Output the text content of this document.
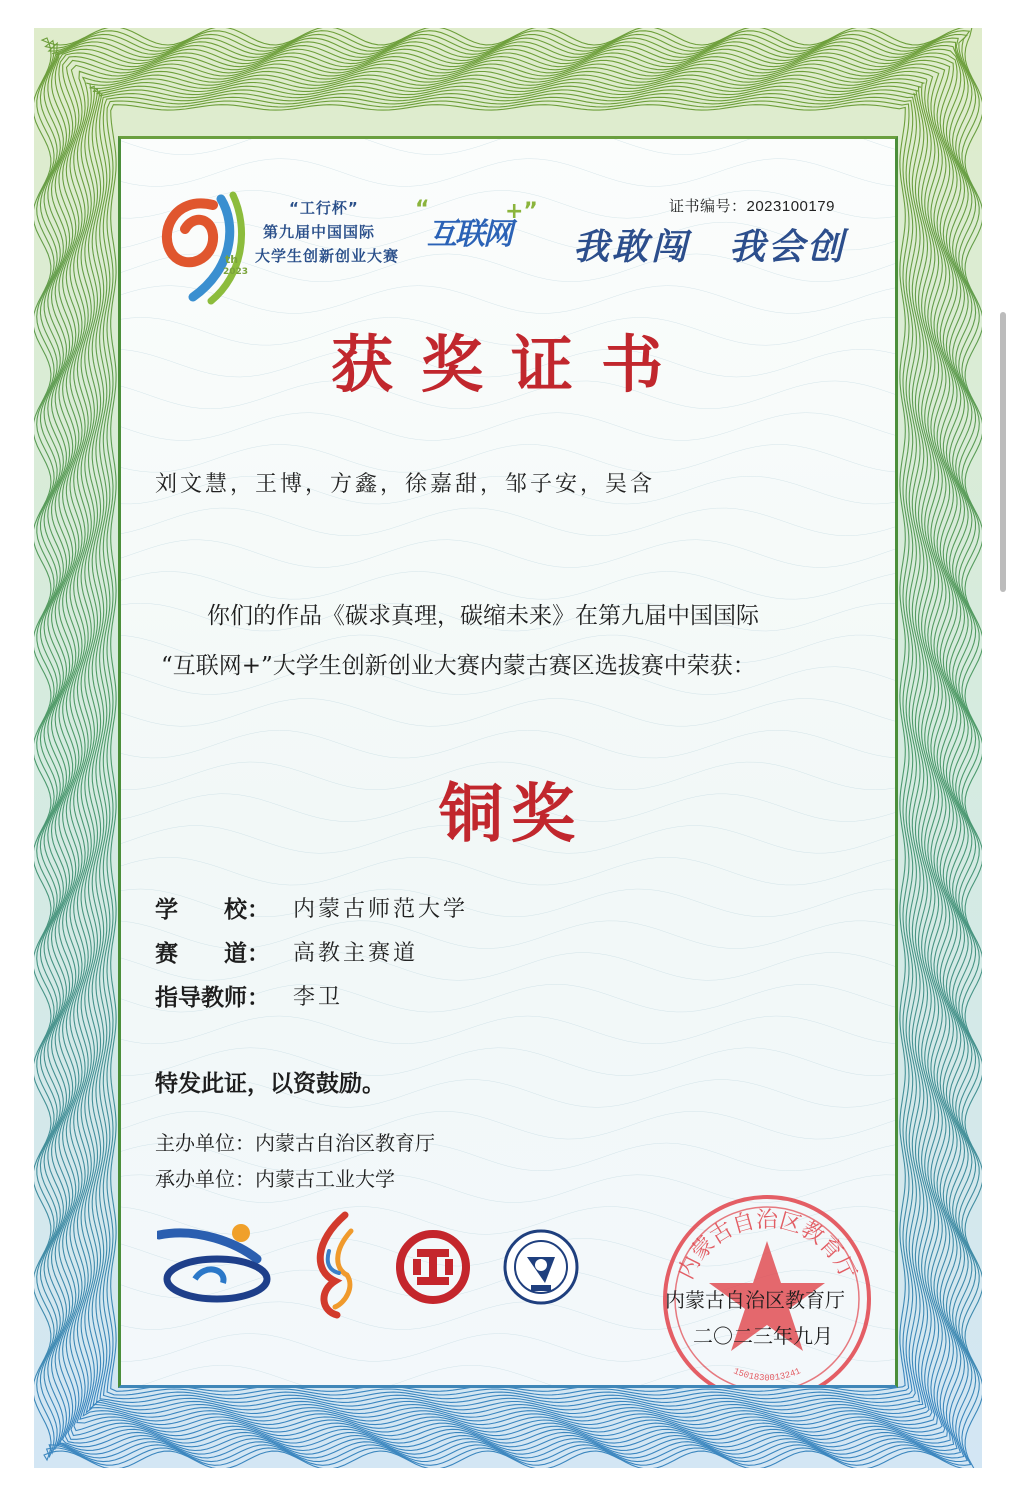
证书编号：2023100179
th
2023
“工行杯”
第九届中国国际
大学生创新创业大赛
“
互联网
+”
我敢闯　我会创
获奖证书
刘文慧，王博，方鑫，徐嘉甜，邹子安，吴含
你们的作品《碳求真理，碳缩未来》在第九届中国国际
“互联网+”大学生创新创业大赛内蒙古赛区选拔赛中荣获：
铜奖
学　　校： 内蒙古师范大学
赛　　道： 高教主赛道
指导教师： 李卫
特发此证，以资鼓励。
主办单位：内蒙古自治区教育厅
承办单位：内蒙古工业大学
内蒙古自治区教育厅
1501830013241
内蒙古自治区教育厅
二〇二三年九月
